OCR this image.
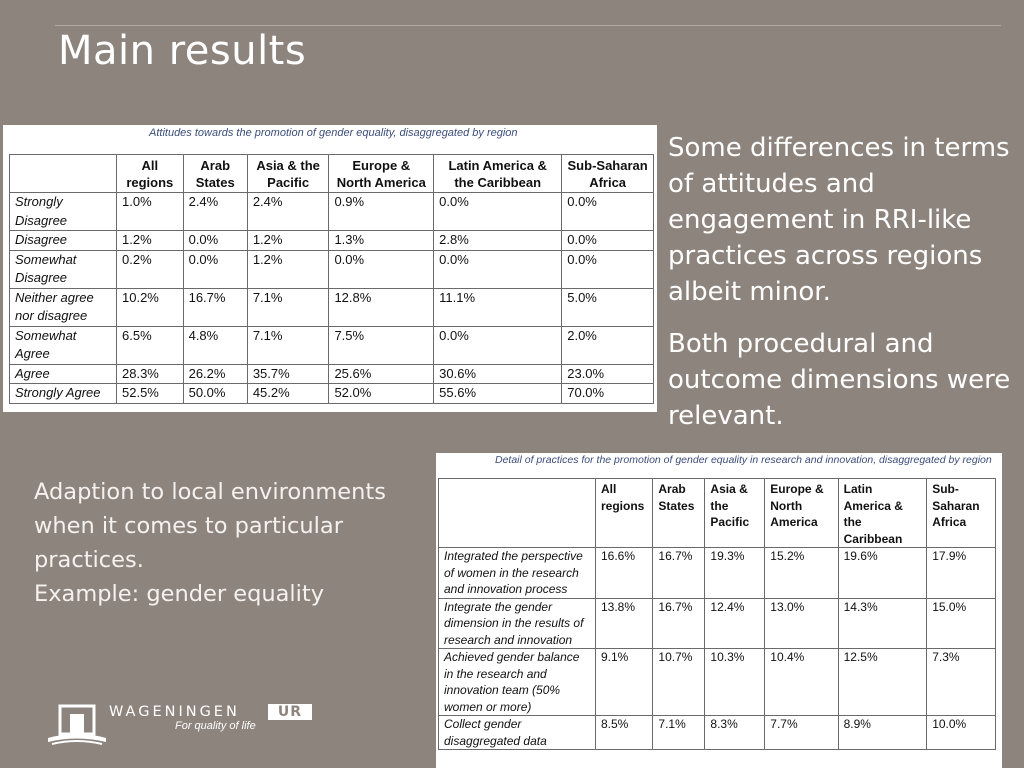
Main results
Attitudes towards the promotion of gender equality, disaggregated by region
	All regions	Arab States	Asia & the Pacific	Europe & North America	Latin America & the Caribbean	Sub-Saharan Africa
Strongly Disagree	1.0%	2.4%	2.4%	0.9%	0.0%	0.0%
Disagree	1.2%	0.0%	1.2%	1.3%	2.8%	0.0%
Somewhat Disagree	0.2%	0.0%	1.2%	0.0%	0.0%	0.0%
Neither agree nor disagree	10.2%	16.7%	7.1%	12.8%	11.1%	5.0%
Somewhat Agree	6.5%	4.8%	7.1%	7.5%	0.0%	2.0%
Agree	28.3%	26.2%	35.7%	25.6%	30.6%	23.0%
Strongly Agree	52.5%	50.0%	45.2%	52.0%	55.6%	70.0%

Some differences in terms of attitudes and engagement in RRI-like practices across regions albeit minor.

Both procedural and outcome dimensions were relevant.

Adaption to local environments
when it comes to particular
practices.
Example: gender equality
Detail of practices for the promotion of gender equality in research and innovation, disaggregated by region
	All regions	Arab States	Asia & the Pacific	Europe & North America	Latin America & the Caribbean	Sub-Saharan Africa
Integrated the perspective of women in the research and innovation process	16.6%	16.7%	19.3%	15.2%	19.6%	17.9%
Integrate the gender dimension in the results of research and innovation	13.8%	16.7%	12.4%	13.0%	14.3%	15.0%
Achieved gender balance in the research and innovation team (50% women or more)	9.1%	10.7%	10.3%	10.4%	12.5%	7.3%
Collect gender disaggregated data	8.5%	7.1%	8.3%	7.7%	8.9%	10.0%
WAGENINGEN	UR
For quality of life
